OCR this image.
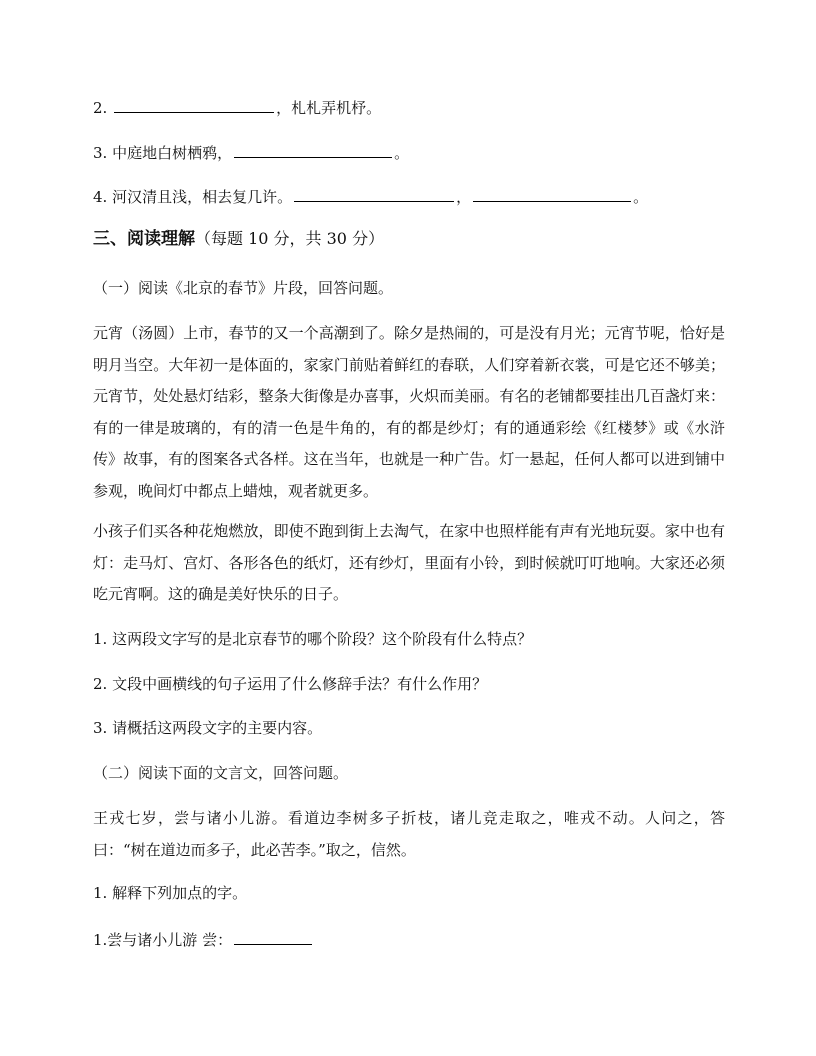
2.	，札札弄机杼。
3. 中庭地白树栖鸦，	。
4. 河汉清且浅，相去复几许。	，	。
三、阅读理解（每题 10 分，共 30 分）
（一）阅读《北京的春节》片段，回答问题。

元宵（汤圆）上市，春节的又一个高潮到了。除夕是热闹的，可是没有月光；元宵节呢，恰好是明月当空。大年初一是体面的，家家门前贴着鲜红的春联，人们穿着新衣裳，可是它还不够美；元宵节，处处悬灯结彩，整条大街像是办喜事，火炽而美丽。有名的老铺都要挂出几百盏灯来：有的一律是玻璃的，有的清一色是牛角的，有的都是纱灯；有的通通彩绘《红楼梦》或《水浒传》故事，有的图案各式各样。这在当年，也就是一种广告。灯一悬起，任何人都可以进到铺中参观，晚间灯中都点上蜡烛，观者就更多。

小孩子们买各种花炮燃放，即使不跑到街上去淘气，在家中也照样能有声有光地玩耍。家中也有灯：走马灯、宫灯、各形各色的纸灯，还有纱灯，里面有小铃，到时候就叮叮地响。大家还必须吃元宵啊。这的确是美好快乐的日子。

1. 这两段文字写的是北京春节的哪个阶段？这个阶段有什么特点？
2. 文段中画横线的句子运用了什么修辞手法？有什么作用？
3. 请概括这两段文字的主要内容。
（二）阅读下面的文言文，回答问题。

王戎七岁，尝与诸小儿游。看道边李树多子折枝，诸儿竞走取之，唯戎不动。人问之，答曰：“树在道边而多子，此必苦李。”取之，信然。

1. 解释下列加点的字。
1.尝与诸小儿游 尝：
